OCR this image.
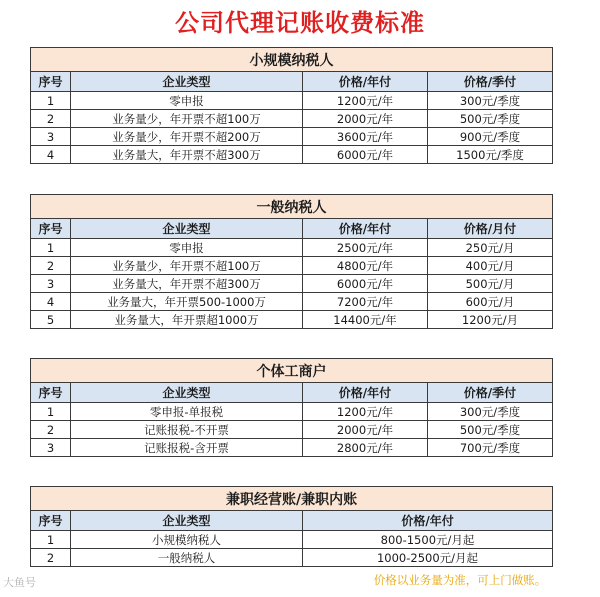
公司代理记账收费标准
小规模纳税人			
序号	企业类型	价格/年付	价格/季付
1	零申报	1200元/年	300元/季度
2	业务量少，年开票不超100万	2000元/年	500元/季度
3	业务量少，年开票不超200万	3600元/年	900元/季度
4	业务量大，年开票不超300万	6000元/年	1500元/季度
一般纳税人			
序号	企业类型	价格/年付	价格/月付
1	零申报	2500元/年	250元/月
2	业务量少，年开票不超100万	4800元/年	400元/月
3	业务量大，年开票不超300万	6000元/年	500元/月
4	业务量大，年开票500-1000万	7200元/年	600元/月
5	业务量大，年开票超1000万	14400元/年	1200元/月
个体工商户			
序号	企业类型	价格/年付	价格/季付
1	零申报-单报税	1200元/年	300元/季度
2	记账报税-不开票	2000元/年	500元/季度
3	记账报税-含开票	2800元/年	700元/季度
兼职经营账/兼职内账		
序号	企业类型	价格/年付
1	小规模纳税人	800-1500元/月起
2	一般纳税人	1000-2500元/月起
大鱼号	价格以业务量为准，可上门做账。
